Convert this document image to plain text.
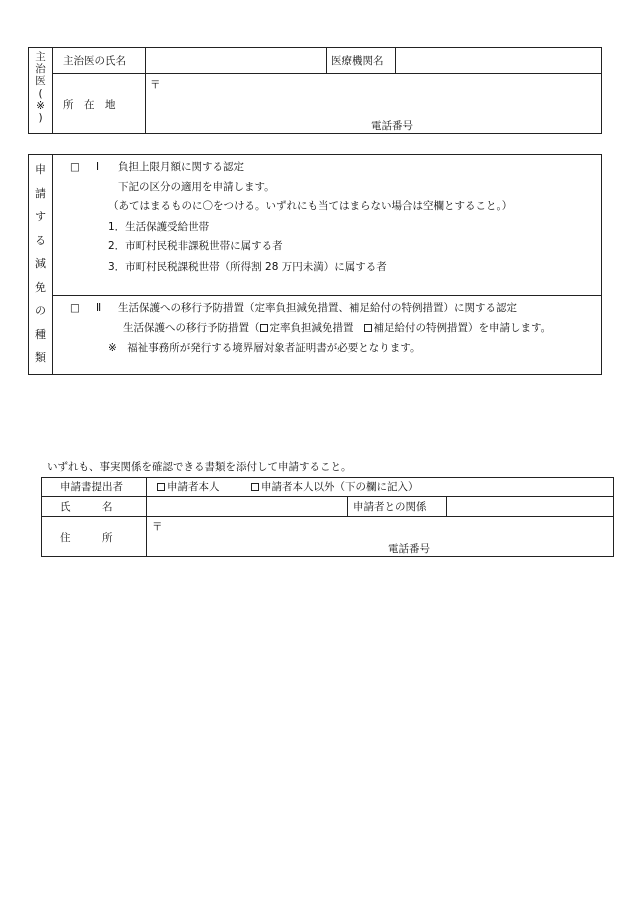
主
治
医
(
※
)
主治医の氏名	医療機関名
所　在　地
〒
電話番号
申
請
す
る
減
免
の
種
類
□ Ⅰ 負担上限月額に関する認定
下記の区分の適用を申請します。
（あてはまるものに〇をつける。いずれにも当てはまらない場合は空欄とすること。）
1．生活保護受給世帯
2．市町村民税非課税世帯に属する者
3．市町村民税課税世帯（所得割 28 万円未満）に属する者
□ Ⅱ 生活保護への移行予防措置（定率負担減免措置、補足給付の特例措置）に関する認定
生活保護への移行予防措置（ 定率負担減免措置 補足給付の特例措置）を申請します。
※　福祉事務所が発行する境界層対象者証明書が必要となります。
いずれも、事実関係を確認できる書類を添付して申請すること。
申請書提出者	申請者本人	申請者本人以外（下の欄に記入）
氏　　　名	申請者との関係
住　　　所
〒
電話番号
